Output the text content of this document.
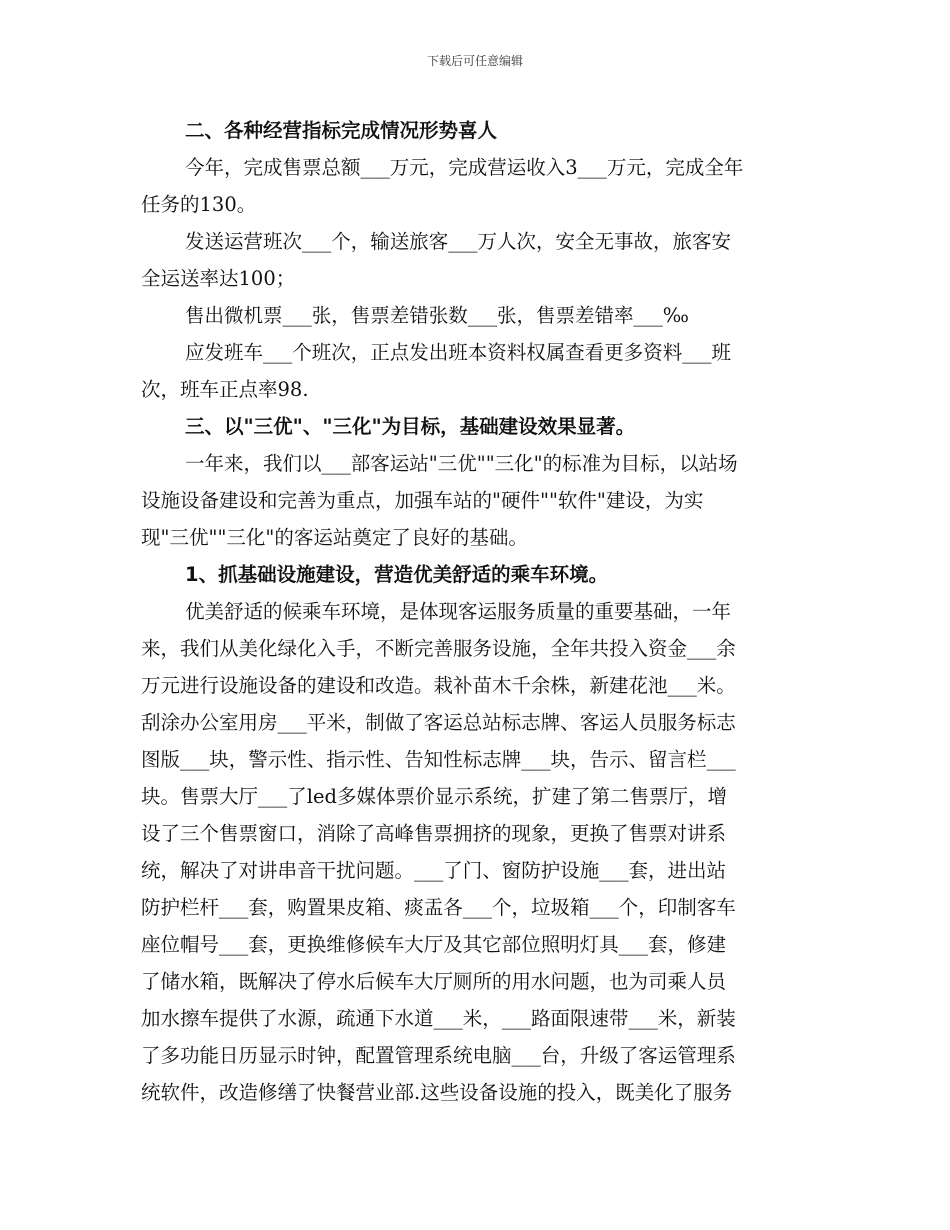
下载后可任意编辑
二、各种经营指标完成情况形势喜人
今年，完成售票总额___万元，完成营运收入3___万元，完成全年
任务的130。
发送运营班次___个，输送旅客___万人次，安全无事故，旅客安
全运送率达100；
售出微机票___张，售票差错张数___张，售票差错率___‰
应发班车___个班次，正点发出班本资料权属查看更多资料___班
次，班车正点率98.
三、以"三优"、"三化"为目标，基础建设效果显著。
一年来，我们以___部客运站"三优""三化"的标准为目标，以站场
设施设备建设和完善为重点，加强车站的"硬件""软件"建设，为实
现"三优""三化"的客运站奠定了良好的基础。
1、抓基础设施建设，营造优美舒适的乘车环境。
优美舒适的候乘车环境，是体现客运服务质量的重要基础，一年
来，我们从美化绿化入手，不断完善服务设施，全年共投入资金___余
万元进行设施设备的建设和改造。栽补苗木千余株，新建花池___米。
刮涂办公室用房___平米，制做了客运总站标志牌、客运人员服务标志
图版___块，警示性、指示性、告知性标志牌___块，告示、留言栏___
块。售票大厅___了led多媒体票价显示系统，扩建了第二售票厅，增
设了三个售票窗口，消除了高峰售票拥挤的现象，更换了售票对讲系
统，解决了对讲串音干扰问题。___了门、窗防护设施___套，进出站
防护栏杆___套，购置果皮箱、痰盂各___个，垃圾箱___个，印制客车
座位帽号___套，更换维修候车大厅及其它部位照明灯具___套，修建
了储水箱，既解决了停水后候车大厅厕所的用水问题，也为司乘人员
加水擦车提供了水源，疏通下水道___米，___路面限速带___米，新装
了多功能日历显示时钟，配置管理系统电脑___台，升级了客运管理系
统软件，改造修缮了快餐营业部.这些设备设施的投入，既美化了服务
